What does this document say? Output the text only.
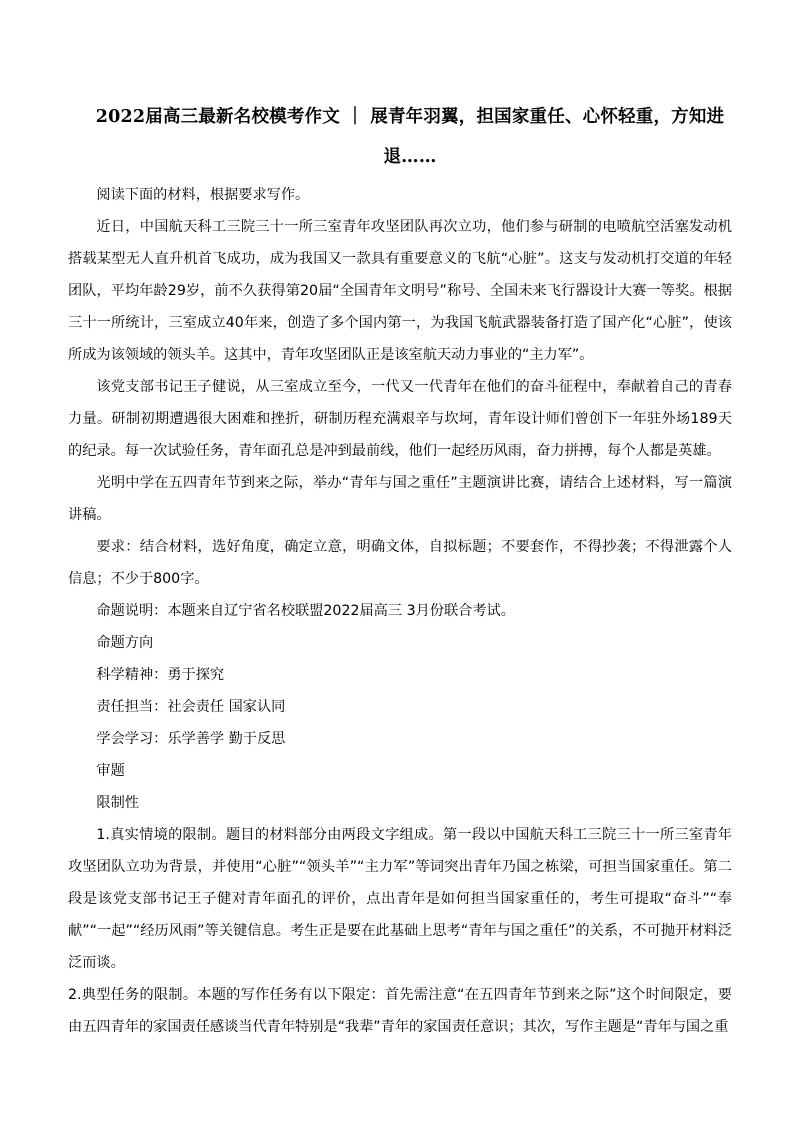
2022届高三最新名校模考作文 ｜ 展青年羽翼，担国家重任、心怀轻重，方知进退……

阅读下面的材料，根据要求写作。

近日，中国航天科工三院三十一所三室青年攻坚团队再次立功，他们参与研制的电喷航空活塞发动机搭载某型无人直升机首飞成功，成为我国又一款具有重要意义的飞航“心脏”。这支与发动机打交道的年轻团队，平均年龄29岁，前不久获得第20届“全国青年文明号”称号、全国未来飞行器设计大赛一等奖。根据三十一所统计，三室成立40年来，创造了多个国内第一，为我国飞航武器装备打造了国产化“心脏”，使该所成为该领域的领头羊。这其中，青年攻坚团队正是该室航天动力事业的“主力军”。

该党支部书记王子健说，从三室成立至今，一代又一代青年在他们的奋斗征程中，奉献着自己的青春力量。研制初期遭遇很大困难和挫折，研制历程充满艰辛与坎坷，青年设计师们曾创下一年驻外场189天的纪录。每一次试验任务，青年面孔总是冲到最前线，他们一起经历风雨，奋力拼搏，每个人都是英雄。

光明中学在五四青年节到来之际，举办“青年与国之重任”主题演讲比赛，请结合上述材料，写一篇演讲稿。

要求：结合材料，选好角度，确定立意，明确文体，自拟标题；不要套作，不得抄袭；不得泄露个人信息；不少于800字。

命题说明：本题来自辽宁省名校联盟2022届高三 3月份联合考试。

命题方向

科学精神：勇于探究

责任担当：社会责任 国家认同

学会学习：乐学善学 勤于反思

审题

限制性

1.真实情境的限制。题目的材料部分由两段文字组成。第一段以中国航天科工三院三十一所三室青年攻坚团队立功为背景，并使用“心脏”“领头羊”“主力军”等词突出青年乃国之栋梁，可担当国家重任。第二段是该党支部书记王子健对青年面孔的评价，点出青年是如何担当国家重任的，考生可提取“奋斗”“奉献”“一起”“经历风雨”等关键信息。考生正是要在此基础上思考“青年与国之重任”的关系，不可抛开材料泛泛而谈。

2.典型任务的限制。本题的写作任务有以下限定：首先需注意“在五四青年节到来之际”这个时间限定，要由五四青年的家国责任感谈当代青年特别是“我辈”青年的家国责任意识；其次，写作主题是“青年与国之重
